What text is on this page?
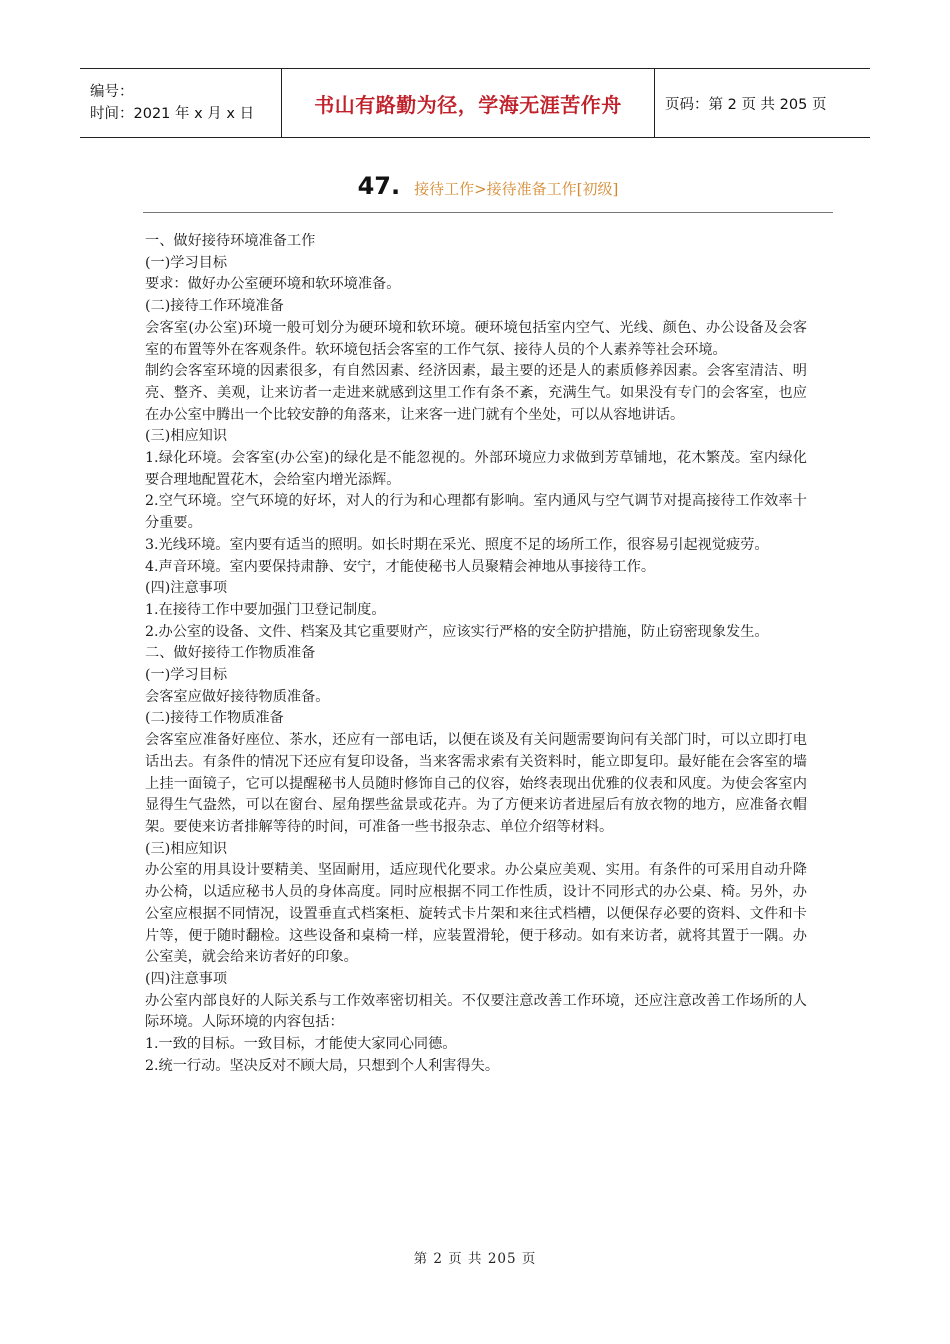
编号：
时间：2021 年 x 月 x 日	书山有路勤为径，学海无涯苦作舟	页码：第 2 页 共 205 页
47. 接待工作>接待准备工作[初级]

一、做好接待环境准备工作

(一)学习目标

要求：做好办公室硬环境和软环境准备。

(二)接待工作环境准备

会客室(办公室)环境一般可划分为硬环境和软环境。硬环境包括室内空气、光线、颜色、办公设备及会客室的布置等外在客观条件。软环境包括会客室的工作气氛、接待人员的个人素养等社会环境。

制约会客室环境的因素很多，有自然因素、经济因素，最主要的还是人的素质修养因素。会客室清洁、明亮、整齐、美观，让来访者一走进来就感到这里工作有条不紊，充满生气。如果没有专门的会客室，也应在办公室中腾出一个比较安静的角落来，让来客一进门就有个坐处，可以从容地讲话。

(三)相应知识

1.绿化环境。会客室(办公室)的绿化是不能忽视的。外部环境应力求做到芳草铺地，花木繁茂。室内绿化要合理地配置花木，会给室内增光添辉。

2.空气环境。空气环境的好坏，对人的行为和心理都有影响。室内通风与空气调节对提高接待工作效率十分重要。

3.光线环境。室内要有适当的照明。如长时期在采光、照度不足的场所工作，很容易引起视觉疲劳。

4.声音环境。室内要保持肃静、安宁，才能使秘书人员聚精会神地从事接待工作。

(四)注意事项

1.在接待工作中要加强门卫登记制度。

2.办公室的设备、文件、档案及其它重要财产，应该实行严格的安全防护措施，防止窃密现象发生。

二、做好接待工作物质准备

(一)学习目标

会客室应做好接待物质准备。

(二)接待工作物质准备

会客室应准备好座位、茶水，还应有一部电话，以便在谈及有关问题需要询问有关部门时，可以立即打电话出去。有条件的情况下还应有复印设备，当来客需求索有关资料时，能立即复印。最好能在会客室的墙上挂一面镜子，它可以提醒秘书人员随时修饰自己的仪容，始终表现出优雅的仪表和风度。为使会客室内显得生气盎然，可以在窗台、屋角摆些盆景或花卉。为了方便来访者进屋后有放衣物的地方，应准备衣帽架。要使来访者排解等待的时间，可准备一些书报杂志、单位介绍等材料。

(三)相应知识

办公室的用具设计要精美、坚固耐用，适应现代化要求。办公桌应美观、实用。有条件的可采用自动升降办公椅，以适应秘书人员的身体高度。同时应根据不同工作性质，设计不同形式的办公桌、椅。另外，办公室应根据不同情况，设置垂直式档案柜、旋转式卡片架和来往式档槽，以便保存必要的资料、文件和卡片等，便于随时翻检。这些设备和桌椅一样，应装置滑轮，便于移动。如有来访者，就将其置于一隅。办公室美，就会给来访者好的印象。

(四)注意事项

办公室内部良好的人际关系与工作效率密切相关。不仅要注意改善工作环境，还应注意改善工作场所的人际环境。人际环境的内容包括：

1.一致的目标。一致目标，才能使大家同心同德。

2.统一行动。坚决反对不顾大局，只想到个人利害得失。

第 2 页 共 205 页
